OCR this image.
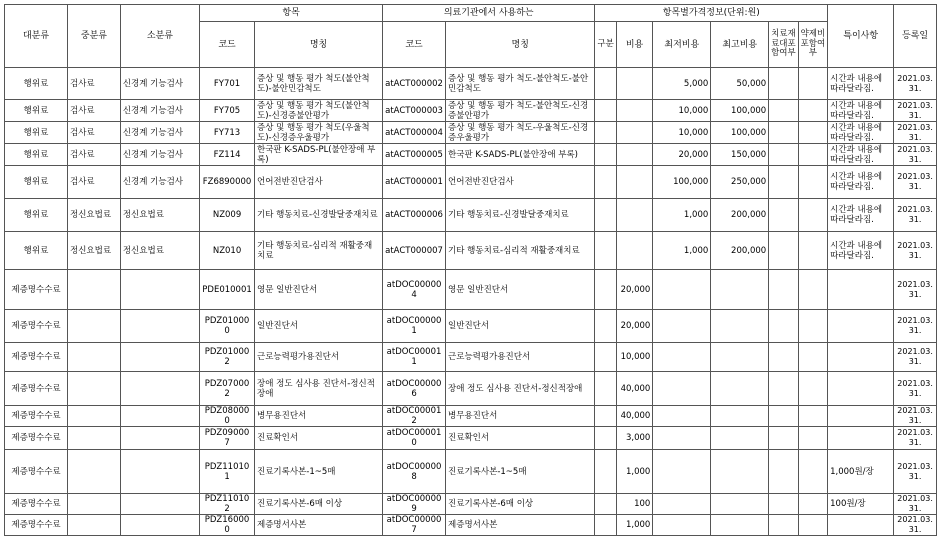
대분류	중분류	소분류	항목		의료기관에서 사용하는		항목별가격정보(단위:원)						특이사항	등록일
			코드	명칭	코드	명칭	구분	비용	최저비용	최고비용	치료재료대포함여부	약제비포함여부		
행위료	검사료	신경계 기능검사	FY701	증상 및 행동 평가 척도(불안척도)-불안민감척도	atACT000002	증상 및 행동 평가 척도-불안척도-불안민감척도			5,000	50,000			시간과 내용에 따라달라짐.	2021.03.31.
행위료	검사료	신경계 기능검사	FY705	증상 및 행동 평가 척도(불안척도)-신경증불안평가	atACT000003	증상 및 행동 평가 척도-불안척도-신경증불안평가			10,000	100,000			시간과 내용에 따라달라짐.	2021.03.31.
행위료	검사료	신경계 기능검사	FY713	증상 및 행동 평가 척도(우울척도)-신경증우울평가	atACT000004	증상 및 행동 평가 척도-우울척도-신경증우울평가			10,000	100,000			시간과 내용에 따라달라짐.	2021.03.31.
행위료	검사료	신경계 기능검사	FZ114	한국판 K-SADS-PL(불안장애 부록)	atACT000005	한국판 K-SADS-PL(불안장애 부록)			20,000	150,000			시간과 내용에 따라달라짐.	2021.03.31.
행위료	검사료	신경계 기능검사	FZ6890000	언어전반진단검사	atACT000001	언어전반진단검사			100,000	250,000			시간과 내용에 따라달라짐.	2021.03.31.
행위료	정신요법료	정신요법료	NZ009	기타 행동치료-신경발달중재치료	atACT000006	기타 행동치료-신경발달중재치료			1,000	200,000			시간과 내용에 따라달라짐.	2021.03.31.
행위료	정신요법료	정신요법료	NZ010	기타 행동치료-심리적 재활중재치료	atACT000007	기타 행동치료-심리적 재활중재치료			1,000	200,000			시간과 내용에 따라달라짐.	2021.03.31.
제증명수수료			PDE010001	영문 일반진단서	atDOC000004	영문 일반진단서		20,000						2021.03.31.
제증명수수료			PDZ010000	일반진단서	atDOC000001	일반진단서		20,000						2021.03.31.
제증명수수료			PDZ010002	근로능력평가용진단서	atDOC000011	근로능력평가용진단서		10,000						2021.03.31.
제증명수수료			PDZ070002	장애 정도 심사용 진단서-정신적장애	atDOC000006	장애 정도 심사용 진단서-정신적장애		40,000						2021.03.31.
제증명수수료			PDZ080000	병무용진단서	atDOC000012	병무용진단서		40,000						2021.03.31.
제증명수수료			PDZ090007	진료확인서	atDOC000010	진료확인서		3,000						2021.03.31.
제증명수수료			PDZ110101	진료기록사본-1~5매	atDOC000008	진료기록사본-1~5매		1,000					1,000원/장	2021.03.31.
제증명수수료			PDZ110102	진료기록사본-6매 이상	atDOC000009	진료기록사본-6매 이상		100					100원/장	2021.03.31.
제증명수수료			PDZ160000	제증명서사본	atDOC000007	제증명서사본		1,000						2021.03.31.
